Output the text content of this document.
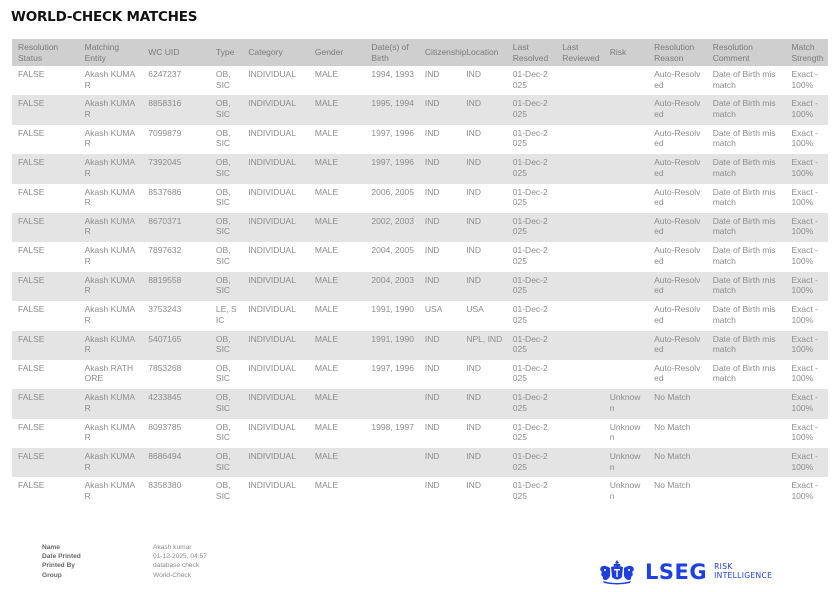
WORLD-CHECK MATCHES
Resolution Status	Matching Entity	WC UID	Type	Category	Gender	Date(s) of Birth	Citizenship	Location	Last Resolved	Last Reviewed	Risk	Resolution Reason	Resolution Comment	Match Strength
FALSE	Akash KUMAR	6247237	OB, SIC	INDIVIDUAL	MALE	1994, 1993	IND	IND	01-Dec-2025			Auto-Resolved	Date of Birth mismatch	Exact - 100%
FALSE	Akash KUMAR	8858316	OB, SIC	INDIVIDUAL	MALE	1995, 1994	IND	IND	01-Dec-2025			Auto-Resolved	Date of Birth mismatch	Exact - 100%
FALSE	Akash KUMAR	7099879	OB, SIC	INDIVIDUAL	MALE	1997, 1996	IND	IND	01-Dec-2025			Auto-Resolved	Date of Birth mismatch	Exact - 100%
FALSE	Akash KUMAR	7392045	OB, SIC	INDIVIDUAL	MALE	1997, 1996	IND	IND	01-Dec-2025			Auto-Resolved	Date of Birth mismatch	Exact - 100%
FALSE	Akash KUMAR	8537686	OB, SIC	INDIVIDUAL	MALE	2006, 2005	IND	IND	01-Dec-2025			Auto-Resolved	Date of Birth mismatch	Exact - 100%
FALSE	Akash KUMAR	8670371	OB, SIC	INDIVIDUAL	MALE	2002, 2003	IND	IND	01-Dec-2025			Auto-Resolved	Date of Birth mismatch	Exact - 100%
FALSE	Akash KUMAR	7897632	OB, SIC	INDIVIDUAL	MALE	2004, 2005	IND	IND	01-Dec-2025			Auto-Resolved	Date of Birth mismatch	Exact - 100%
FALSE	Akash KUMAR	8819558	OB, SIC	INDIVIDUAL	MALE	2004, 2003	IND	IND	01-Dec-2025			Auto-Resolved	Date of Birth mismatch	Exact - 100%
FALSE	Akash KUMAR	3753243	LE, SIC	INDIVIDUAL	MALE	1991, 1990	USA	USA	01-Dec-2025			Auto-Resolved	Date of Birth mismatch	Exact - 100%
FALSE	Akash KUMAR	5407165	OB, SIC	INDIVIDUAL	MALE	1991, 1990	IND	NPL, IND	01-Dec-2025			Auto-Resolved	Date of Birth mismatch	Exact - 100%
FALSE	Akash RATHORE	7853268	OB, SIC	INDIVIDUAL	MALE	1997, 1996	IND	IND	01-Dec-2025			Auto-Resolved	Date of Birth mismatch	Exact - 100%
FALSE	Akash KUMAR	4233845	OB, SIC	INDIVIDUAL	MALE		IND	IND	01-Dec-2025		Unknown	No Match		Exact - 100%
FALSE	Akash KUMAR	8093785	OB, SIC	INDIVIDUAL	MALE	1998, 1997	IND	IND	01-Dec-2025		Unknown	No Match		Exact - 100%
FALSE	Akash KUMAR	8686494	OB, SIC	INDIVIDUAL	MALE		IND	IND	01-Dec-2025		Unknown	No Match		Exact - 100%
FALSE	Akash KUMAR	8358380	OB, SIC	INDIVIDUAL	MALE		IND	IND	01-Dec-2025		Unknown	No Match		Exact - 100%
Name	Akash kumar
Date Printed	01-12-2025, 04:57
Printed By	database check
Group	World-Check	LSEG RISK
INTELLIGENCE
